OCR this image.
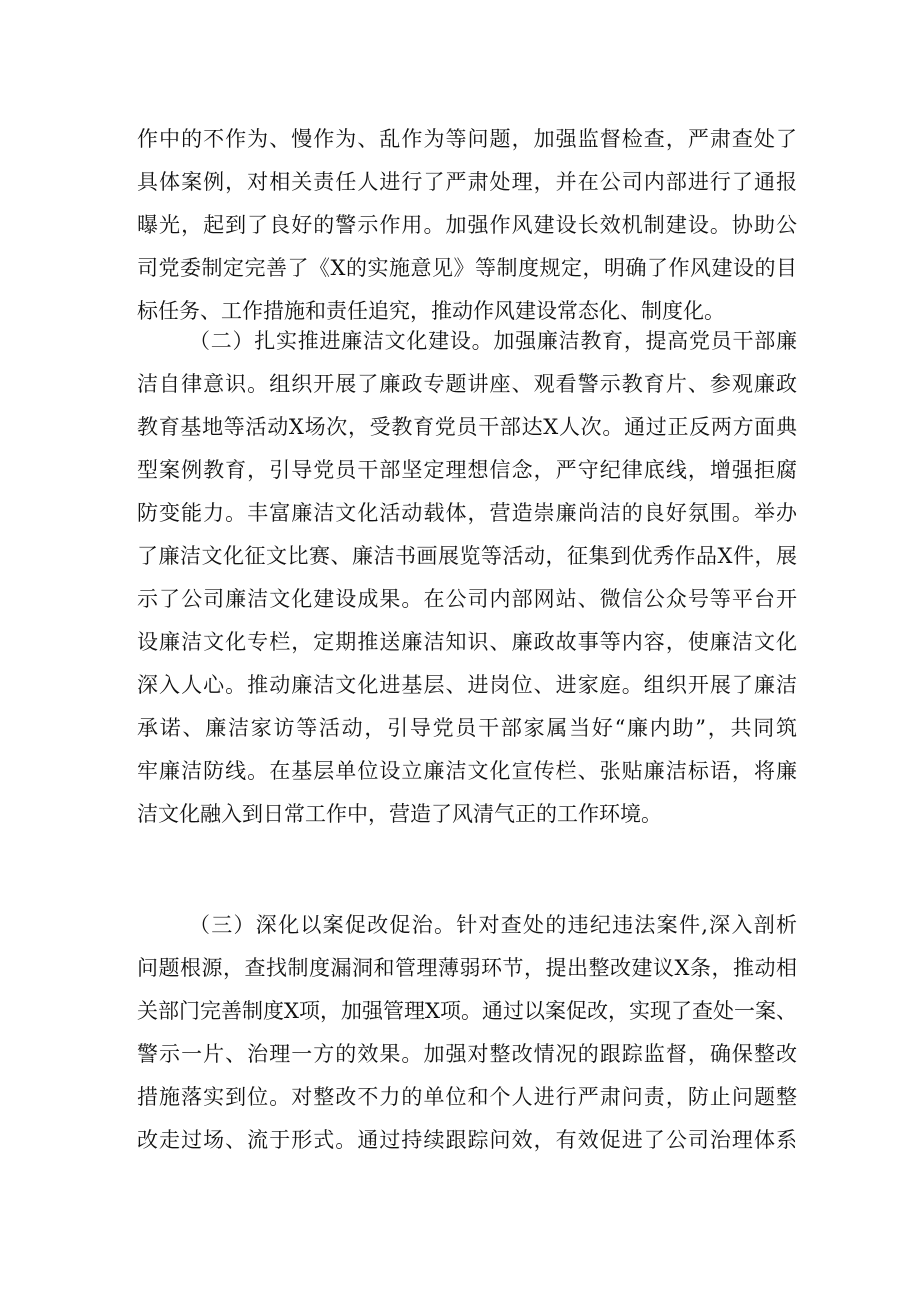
作中的不作为、慢作为、乱作为等问题，加强监督检查，严肃查处了
具体案例，对相关责任人进行了严肃处理，并在公司内部进行了通报
曝光，起到了良好的警示作用。加强作风建设长效机制建设。协助公
司党委制定完善了《X的实施意见》等制度规定，明确了作风建设的目
标任务、工作措施和责任追究，推动作风建设常态化、制度化。
（二）扎实推进廉洁文化建设。加强廉洁教育，提高党员干部廉
洁自律意识。组织开展了廉政专题讲座、观看警示教育片、参观廉政
教育基地等活动X场次，受教育党员干部达X人次。通过正反两方面典
型案例教育，引导党员干部坚定理想信念，严守纪律底线，增强拒腐
防变能力。丰富廉洁文化活动载体，营造崇廉尚洁的良好氛围。举办
了廉洁文化征文比赛、廉洁书画展览等活动，征集到优秀作品X件，展
示了公司廉洁文化建设成果。在公司内部网站、微信公众号等平台开
设廉洁文化专栏，定期推送廉洁知识、廉政故事等内容，使廉洁文化
深入人心。推动廉洁文化进基层、进岗位、进家庭。组织开展了廉洁
承诺、廉洁家访等活动，引导党员干部家属当好“廉内助”，共同筑
牢廉洁防线。在基层单位设立廉洁文化宣传栏、张贴廉洁标语，将廉
洁文化融入到日常工作中，营造了风清气正的工作环境。
（三）深化以案促改促治。针对查处的违纪违法案件,深入剖析
问题根源，查找制度漏洞和管理薄弱环节，提出整改建议X条，推动相
关部门完善制度X项，加强管理X项。通过以案促改，实现了查处一案、
警示一片、治理一方的效果。加强对整改情况的跟踪监督，确保整改
措施落实到位。对整改不力的单位和个人进行严肃问责，防止问题整
改走过场、流于形式。通过持续跟踪问效，有效促进了公司治理体系
